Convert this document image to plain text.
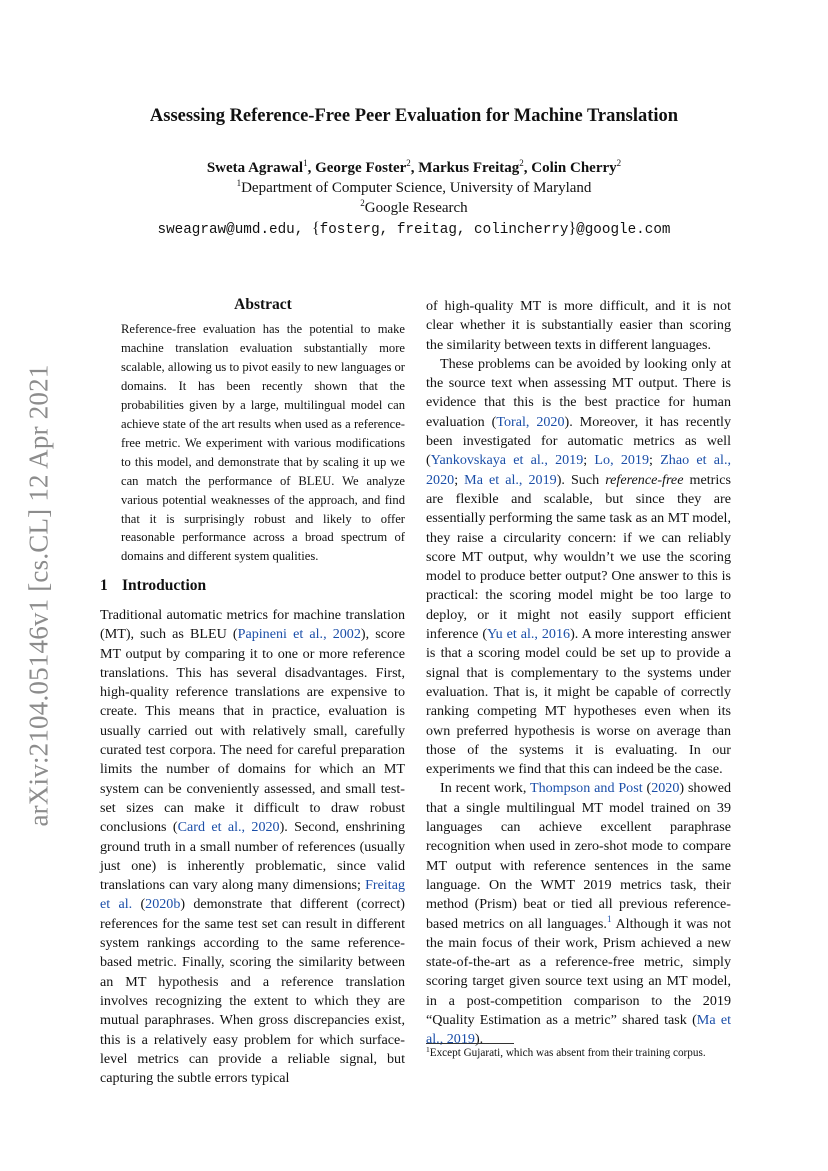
arXiv:2104.05146v1 [cs.CL] 12 Apr 2021
Assessing Reference-Free Peer Evaluation for Machine Translation
Sweta Agrawal$^1$, George Foster$^2$, Markus Freitag$^2$, Colin Cherry$^2$
$^1$Department of Computer Science, University of Maryland
$^2$Google Research
sweagraw@umd.edu, {fosterg, freitag, colincherry}@google.com
Abstract
Reference-free evaluation has the potential to make machine translation evaluation substantially more scalable, allowing us to pivot easily to new languages or domains. It has been recently shown that the probabilities given by a large, multilingual model can achieve state of the art results when used as a reference-free metric. We experiment with various modifications to this model, and demonstrate that by scaling it up we can match the performance of BLEU. We analyze various potential weaknesses of the approach, and find that it is surprisingly robust and likely to offer reasonable performance across a broad spectrum of domains and different system qualities.
1 Introduction

Traditional automatic metrics for machine translation (MT), such as BLEU (Papineni et al., 2002), score MT output by comparing it to one or more reference translations. This has several disadvantages. First, high-quality reference translations are expensive to create. This means that in practice, evaluation is usually carried out with relatively small, carefully curated test corpora. The need for careful preparation limits the number of domains for which an MT system can be conveniently assessed, and small test-set sizes can make it difficult to draw robust conclusions (Card et al., 2020). Second, enshrining ground truth in a small number of references (usually just one) is inherently problematic, since valid translations can vary along many dimensions; Freitag et al. (2020b) demonstrate that different (correct) references for the same test set can result in different system rankings according to the same reference-based metric. Finally, scoring the similarity between an MT hypothesis and a reference translation involves recognizing the extent to which they are mutual paraphrases. When gross discrepancies exist, this is a relatively easy problem for which surface-level metrics can provide a reliable signal, but capturing the subtle errors typical

of high-quality MT is more difficult, and it is not clear whether it is substantially easier than scoring the similarity between texts in different languages.

These problems can be avoided by looking only at the source text when assessing MT output. There is evidence that this is the best practice for human evaluation (Toral, 2020). Moreover, it has recently been investigated for automatic metrics as well (Yankovskaya et al., 2019; Lo, 2019; Zhao et al., 2020; Ma et al., 2019). Such reference-free metrics are flexible and scalable, but since they are essentially performing the same task as an MT model, they raise a circularity concern: if we can reliably score MT output, why wouldn’t we use the scoring model to produce better output? One answer to this is practical: the scoring model might be too large to deploy, or it might not easily support efficient inference (Yu et al., 2016). A more interesting answer is that a scoring model could be set up to provide a signal that is complementary to the systems under evaluation. That is, it might be capable of correctly ranking competing MT hypotheses even when its own preferred hypothesis is worse on average than those of the systems it is evaluating. In our experiments we find that this can indeed be the case.

In recent work, Thompson and Post (2020) showed that a single multilingual MT model trained on 39 languages can achieve excellent paraphrase recognition when used in zero-shot mode to compare MT output with reference sentences in the same language. On the WMT 2019 metrics task, their method (Prism) beat or tied all previous reference-based metrics on all languages.$^1$ Although it was not the main focus of their work, Prism achieved a new state-of-the-art as a reference-free metric, simply scoring target given source text using an MT model, in a post-competition comparison to the 2019 “Quality Estimation as a metric” shared task (Ma et al., 2019).

$^1$Except Gujarati, which was absent from their training corpus.
